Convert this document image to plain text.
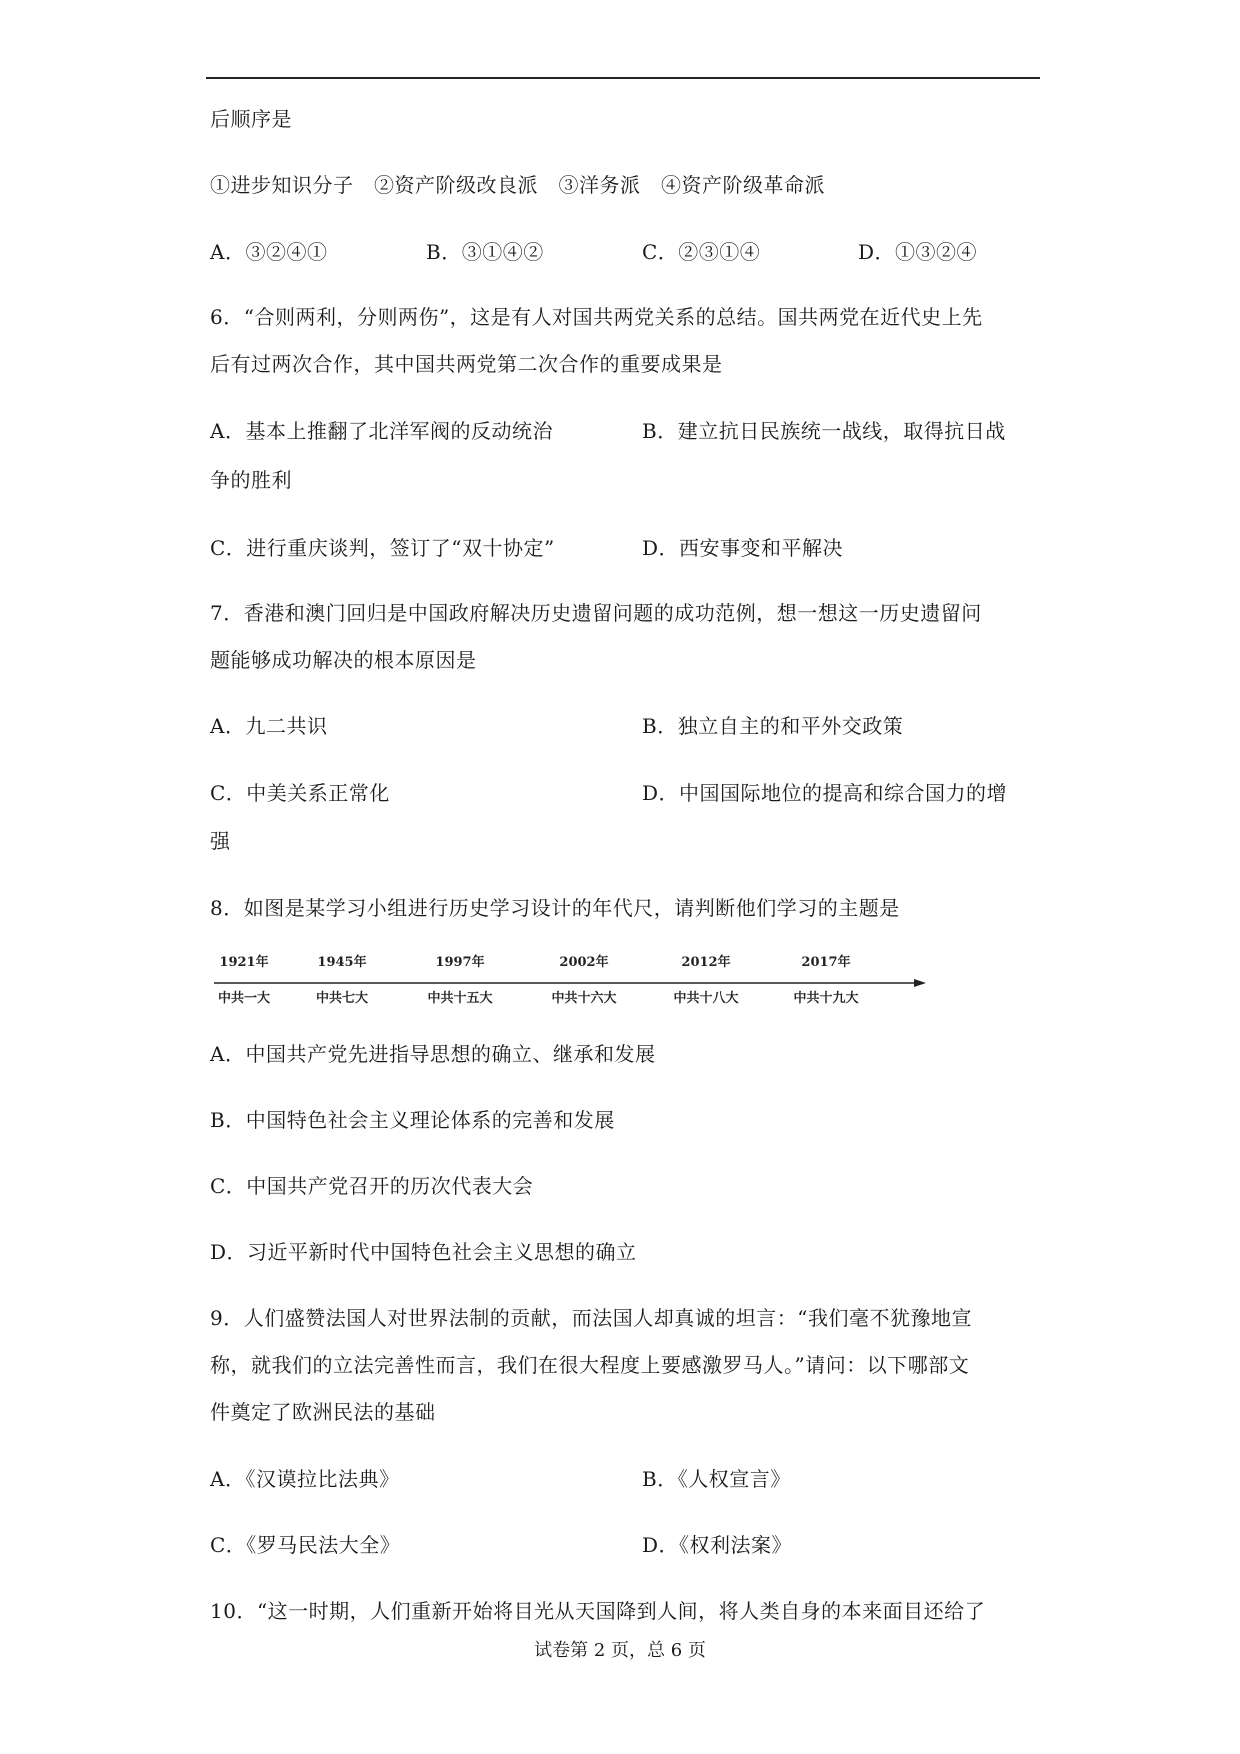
后顺序是
①进步知识分子　②资产阶级改良派　③洋务派　④资产阶级革命派
A．③②④①	B．③①④②	C．②③①④	D．①③②④
6．“合则两利，分则两伤”，这是有人对国共两党关系的总结。国共两党在近代史上先
后有过两次合作，其中国共两党第二次合作的重要成果是
A．基本上推翻了北洋军阀的反动统治	B．建立抗日民族统一战线，取得抗日战
争的胜利
C．进行重庆谈判，签订了“双十协定”	D．西安事变和平解决
7．香港和澳门回归是中国政府解决历史遗留问题的成功范例，想一想这一历史遗留问
题能够成功解决的根本原因是
A．九二共识	B．独立自主的和平外交政策
C．中美关系正常化	D．中国国际地位的提高和综合国力的增
强
8．如图是某学习小组进行历史学习设计的年代尺，请判断他们学习的主题是
1921年	1945年	1997年	2002年	2012年	2017年
中共一大	中共七大	中共十五大	中共十六大	中共十八大	中共十九大
A．中国共产党先进指导思想的确立、继承和发展
B．中国特色社会主义理论体系的完善和发展
C．中国共产党召开的历次代表大会
D．习近平新时代中国特色社会主义思想的确立
9．人们盛赞法国人对世界法制的贡献，而法国人却真诚的坦言：“我们毫不犹豫地宣
称，就我们的立法完善性而言，我们在很大程度上要感激罗马人。”请问：以下哪部文
件奠定了欧洲民法的基础
A．《汉谟拉比法典》	B．《人权宣言》
C．《罗马民法大全》	D．《权利法案》
10．“这一时期，人们重新开始将目光从天国降到人间，将人类自身的本来面目还给了
试卷第 2 页，总 6 页
